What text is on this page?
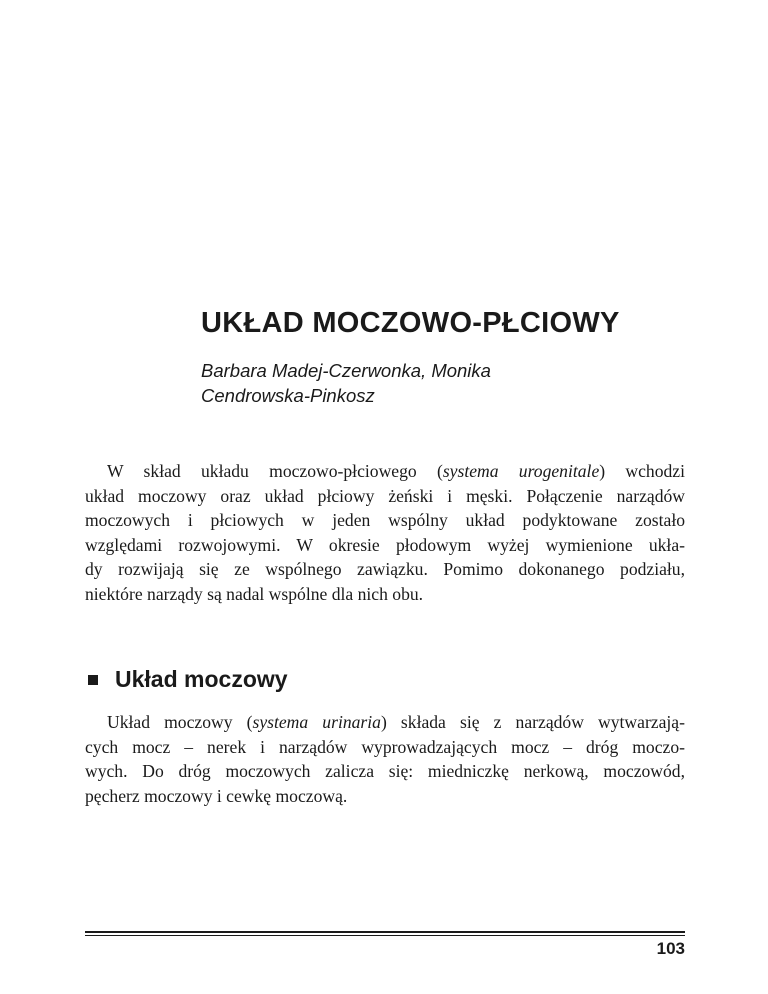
UKŁAD MOCZOWO-PŁCIOWY
Barbara Madej-Czerwonka, Monika
Cendrowska-Pinkosz

W skład układu moczowo-płciowego (systema urogenitale) wchodzi
układ moczowy oraz układ płciowy żeński i męski. Połączenie narządów
moczowych i płciowych w jeden wspólny układ podyktowane zostało
względami rozwojowymi. W okresie płodowym wyżej wymienione ukła-
dy rozwijają się ze wspólnego zawiązku. Pomimo dokonanego podziału,
niektóre narządy są nadal wspólne dla nich obu.

Układ moczowy

Układ moczowy (systema urinaria) składa się z narządów wytwarzają-
cych mocz – nerek i narządów wyprowadzających mocz – dróg moczo-
wych. Do dróg moczowych zalicza się: miedniczkę nerkową, moczowód,
pęcherz moczowy i cewkę moczową.

103
